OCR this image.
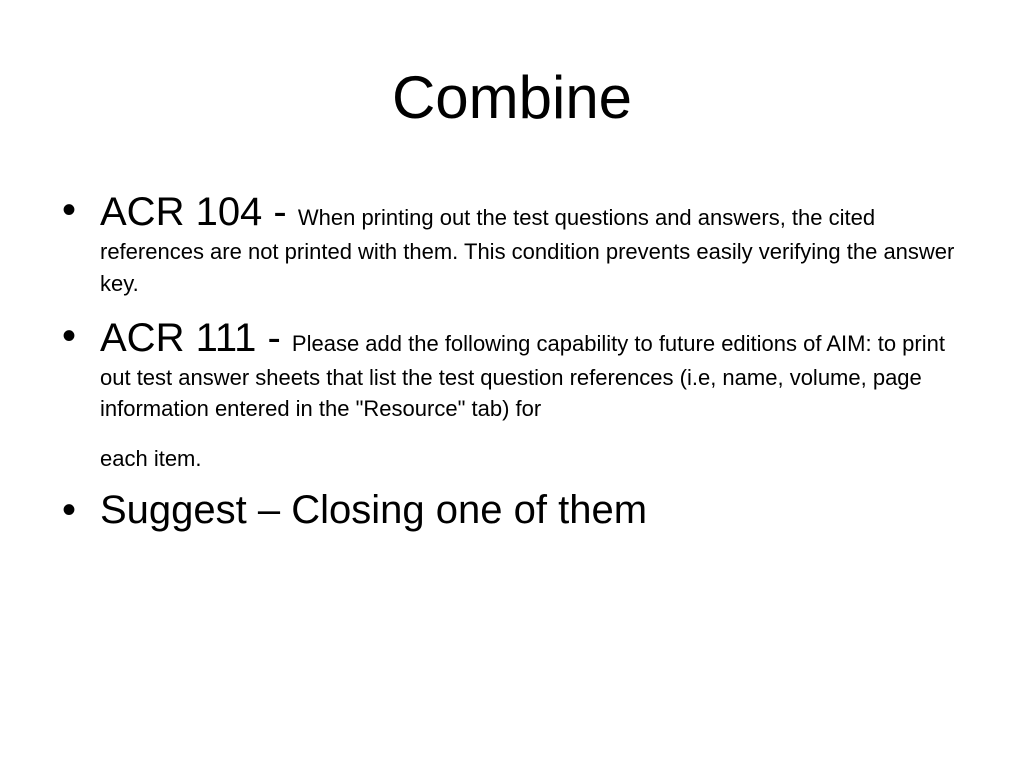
Combine
• ACR 104 - When printing out the test questions and answers, the cited references are not printed with them. This condition prevents easily verifying the answer key.
• ACR 111 - Please add the following capability to future editions of AIM: to print out test answer sheets that list the test question references (i.e, name, volume, page information entered in the "Resource" tab) for
each item.
• Suggest – Closing one of them
